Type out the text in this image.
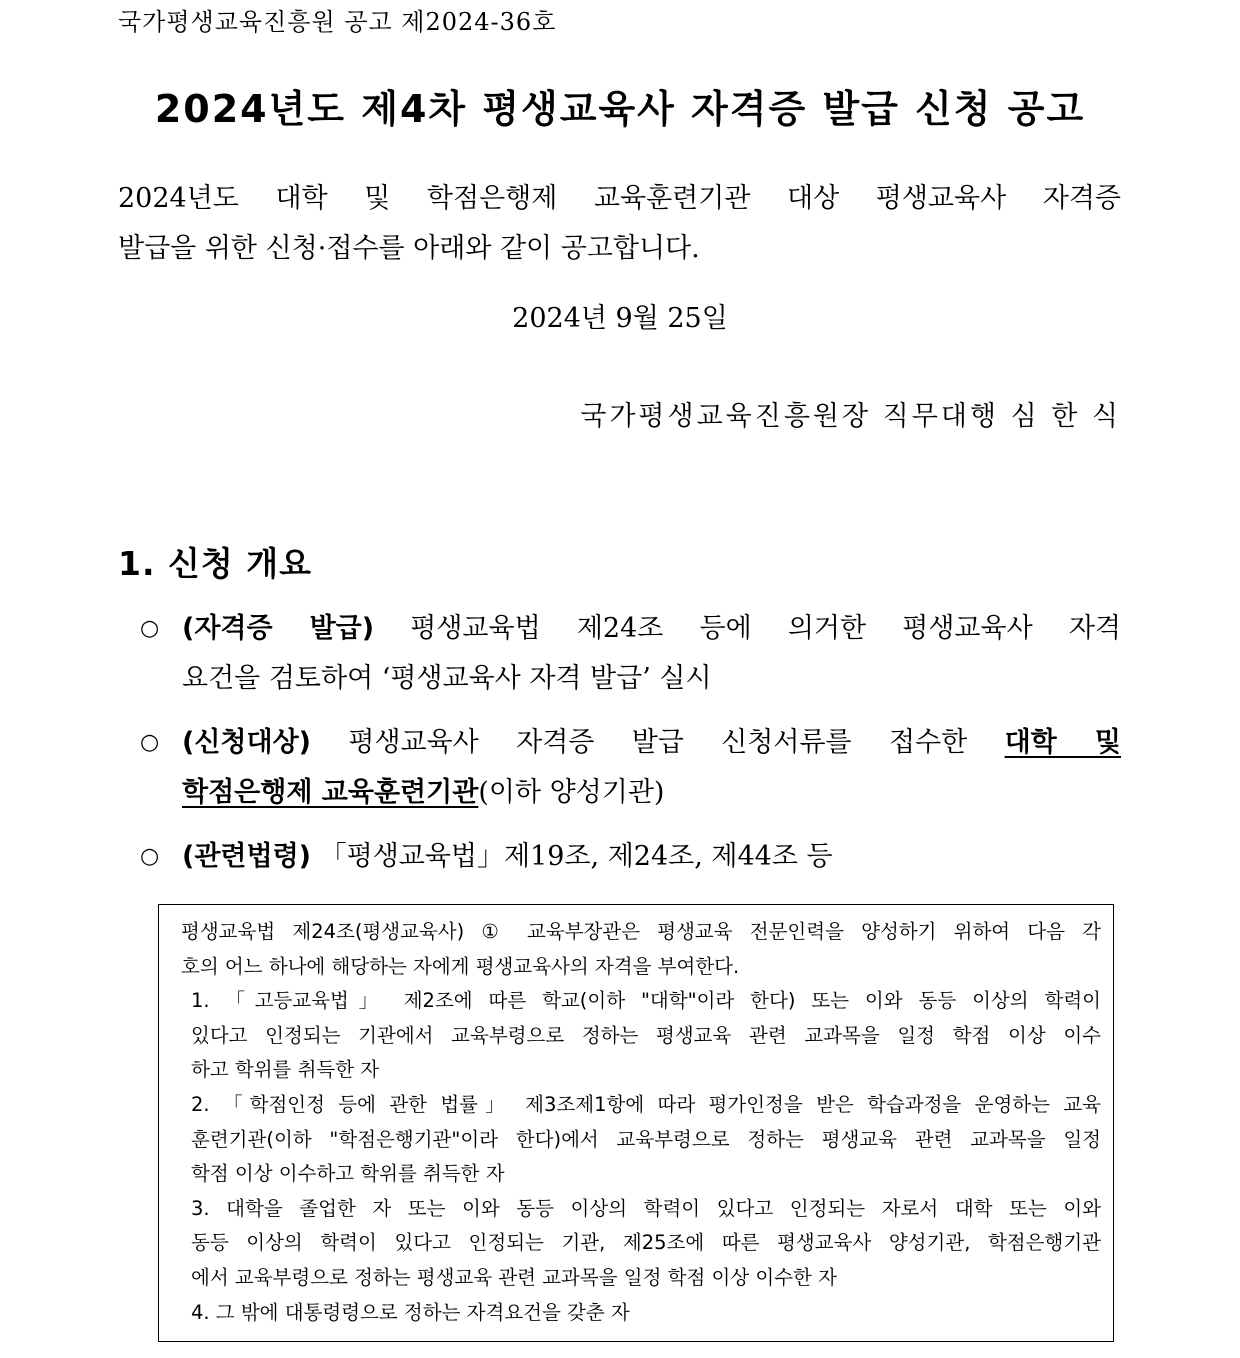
국가평생교육진흥원 공고 제2024-36호
2024년도 제4차 평생교육사 자격증 발급 신청 공고
2024년도 대학 및 학점은행제 교육훈련기관 대상 평생교육사 자격증
발급을 위한 신청·접수를 아래와 같이 공고합니다.
2024년 9월 25일
국가평생교육진흥원장 직무대행 심 한 식
1. 신청 개요
○ (자격증 발급) 평생교육법 제24조 등에 의거한 평생교육사 자격
요건을 검토하여 ‘평생교육사 자격 발급’ 실시
○ (신청대상) 평생교육사 자격증 발급 신청서류를 접수한 대학 및
학점은행제 교육훈련기관(이하 양성기관)
○ (관련법령) 「평생교육법」제19조, 제24조, 제44조 등
평생교육법 제24조(평생교육사) ① 교육부장관은 평생교육 전문인력을 양성하기 위하여 다음 각
호의 어느 하나에 해당하는 자에게 평생교육사의 자격을 부여한다.
1. 「고등교육법」 제2조에 따른 학교(이하 "대학"이라 한다) 또는 이와 동등 이상의 학력이
있다고 인정되는 기관에서 교육부령으로 정하는 평생교육 관련 교과목을 일정 학점 이상 이수
하고 학위를 취득한 자
2. 「학점인정 등에 관한 법률」 제3조제1항에 따라 평가인정을 받은 학습과정을 운영하는 교육
훈련기관(이하 "학점은행기관"이라 한다)에서 교육부령으로 정하는 평생교육 관련 교과목을 일정
학점 이상 이수하고 학위를 취득한 자
3. 대학을 졸업한 자 또는 이와 동등 이상의 학력이 있다고 인정되는 자로서 대학 또는 이와
동등 이상의 학력이 있다고 인정되는 기관, 제25조에 따른 평생교육사 양성기관, 학점은행기관
에서 교육부령으로 정하는 평생교육 관련 교과목을 일정 학점 이상 이수한 자
4. 그 밖에 대통령령으로 정하는 자격요건을 갖춘 자
